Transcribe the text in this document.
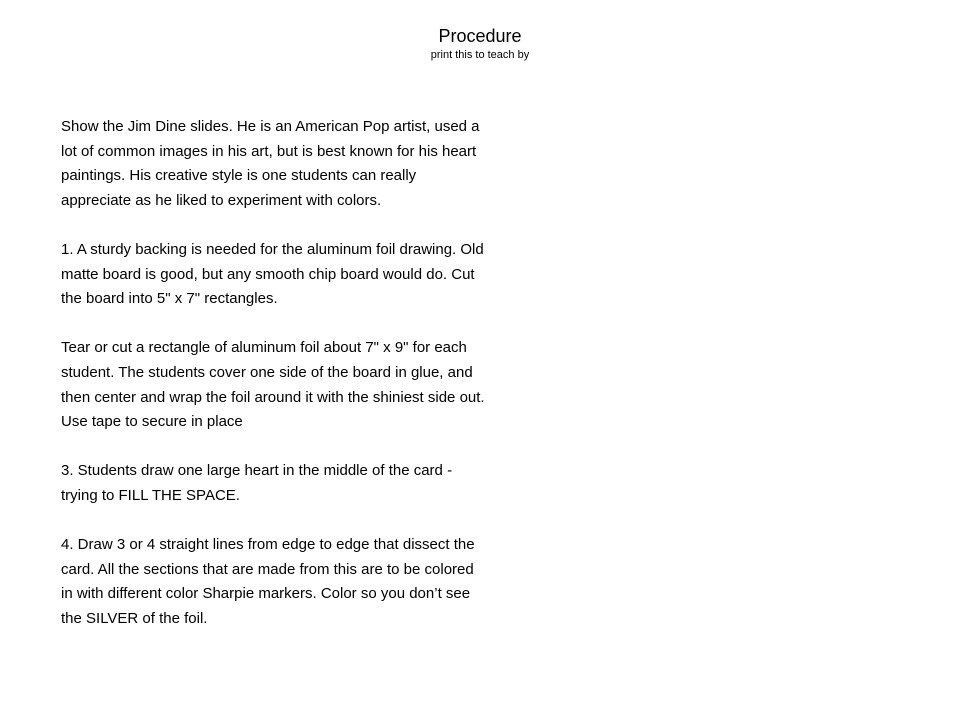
Procedure
print this to teach by

Show the Jim Dine slides. He is an American Pop artist, used a
lot of common images in his art, but is best known for his heart
paintings. His creative style is one students can really
appreciate as he liked to experiment with colors.

1. A sturdy backing is needed for the aluminum foil drawing. Old
matte board is good, but any smooth chip board would do. Cut
the board into 5" x 7" rectangles.

Tear or cut a rectangle of aluminum foil about 7" x 9" for each
student. The students cover one side of the board in glue, and
then center and wrap the foil around it with the shiniest side out.
Use tape to secure in place

3. Students draw one large heart in the middle of the card -
trying to FILL THE SPACE.

4. Draw 3 or 4 straight lines from edge to edge that dissect the
card. All the sections that are made from this are to be colored
in with different color Sharpie markers. Color so you don’t see
the SILVER of the foil.
